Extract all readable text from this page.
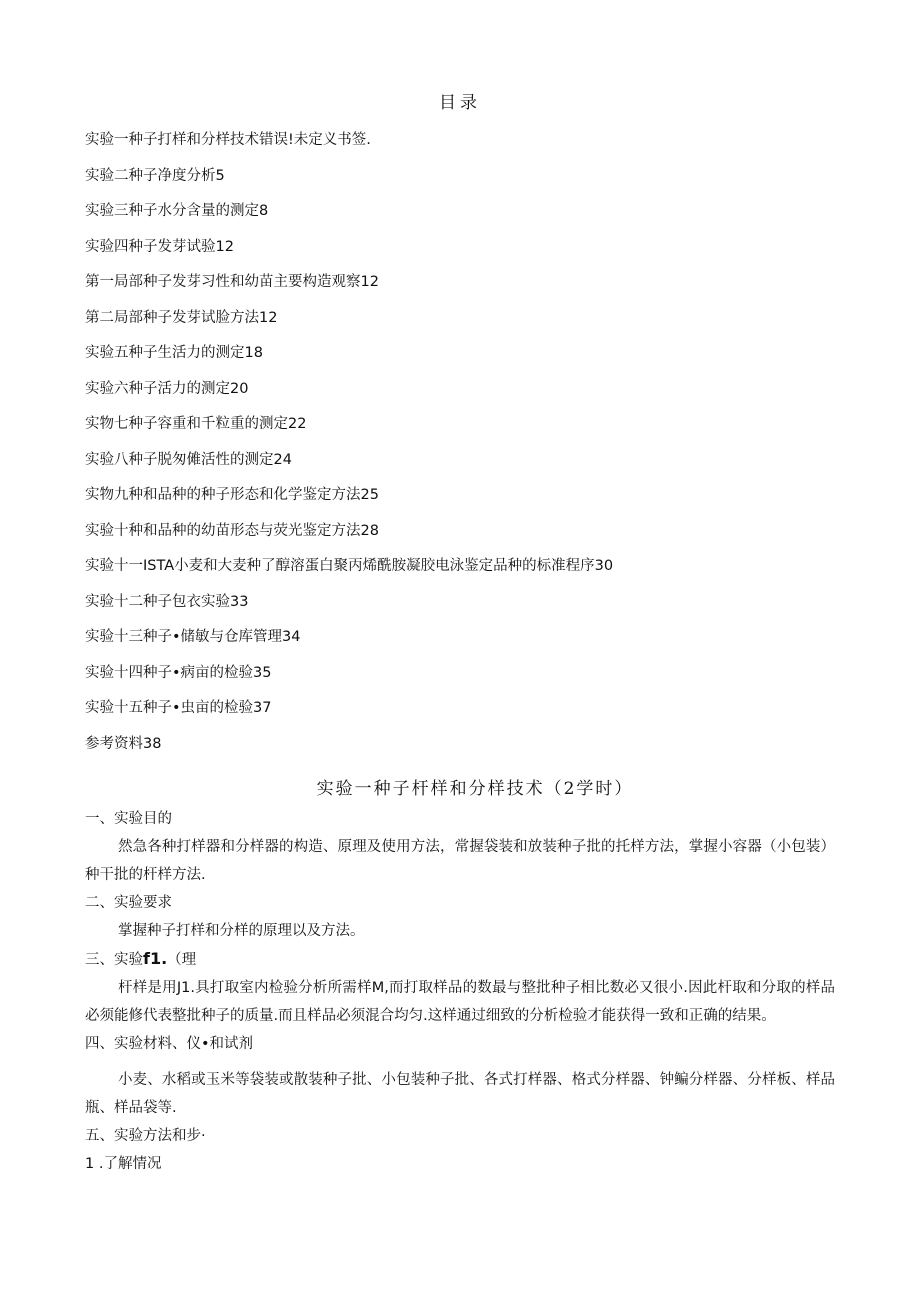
目录
实验一种子打样和分样技术错误!未定义书签.
实验二种子净度分析5
实验三种子水分含量的测定8
实验四种子发芽试验12
第一局部种子发芽习性和幼苗主要构造观察12
第二局部种子发芽试脸方法12
实验五种子生活力的测定18
实验六种子活力的测定20
实物七种子容重和千粒重的测定22
实验八种子脱匆傩活性的测定24
实物九种和品种的种子形态和化学鉴定方法25
实验十种和品种的幼苗形态与荧光鉴定方法28
实验十一ISTA小麦和大麦种了醇溶蛋白聚丙烯酰胺凝胶电泳鉴定品种的标准程序30
实验十二种子包衣实验33
实验十三种子•储敏与仓库管理34
实验十四种子•病亩的检验35
实验十五种子•虫亩的检验37
参考资料38
实验一种子杆样和分样技术（2学时）

一、实验目的

然急各种打样器和分样器的构造、原理及使用方法，常握袋装和放装种子批的托样方法，掌握小容器（小包装）种干批的杆样方法.

二、实验要求

掌握种子打样和分样的原理以及方法。

三、实验f1.（理

杆样是用J1.具打取室内检验分析所需样M,而打取样品的数最与整批种子相比数必又很小.因此杆取和分取的样品必须能修代表整批种子的质量.而且样品必须混合均匀.这样通过细致的分析检验才能获得一致和正确的结果。

四、实验材料、仪•和试剂

小麦、水稻或玉米等袋装或散装种子批、小包装种子批、各式打样器、格式分样器、钟鳊分样器、分样板、样品瓶、样品袋等.

五、实验方法和步·

1 .了解情况
